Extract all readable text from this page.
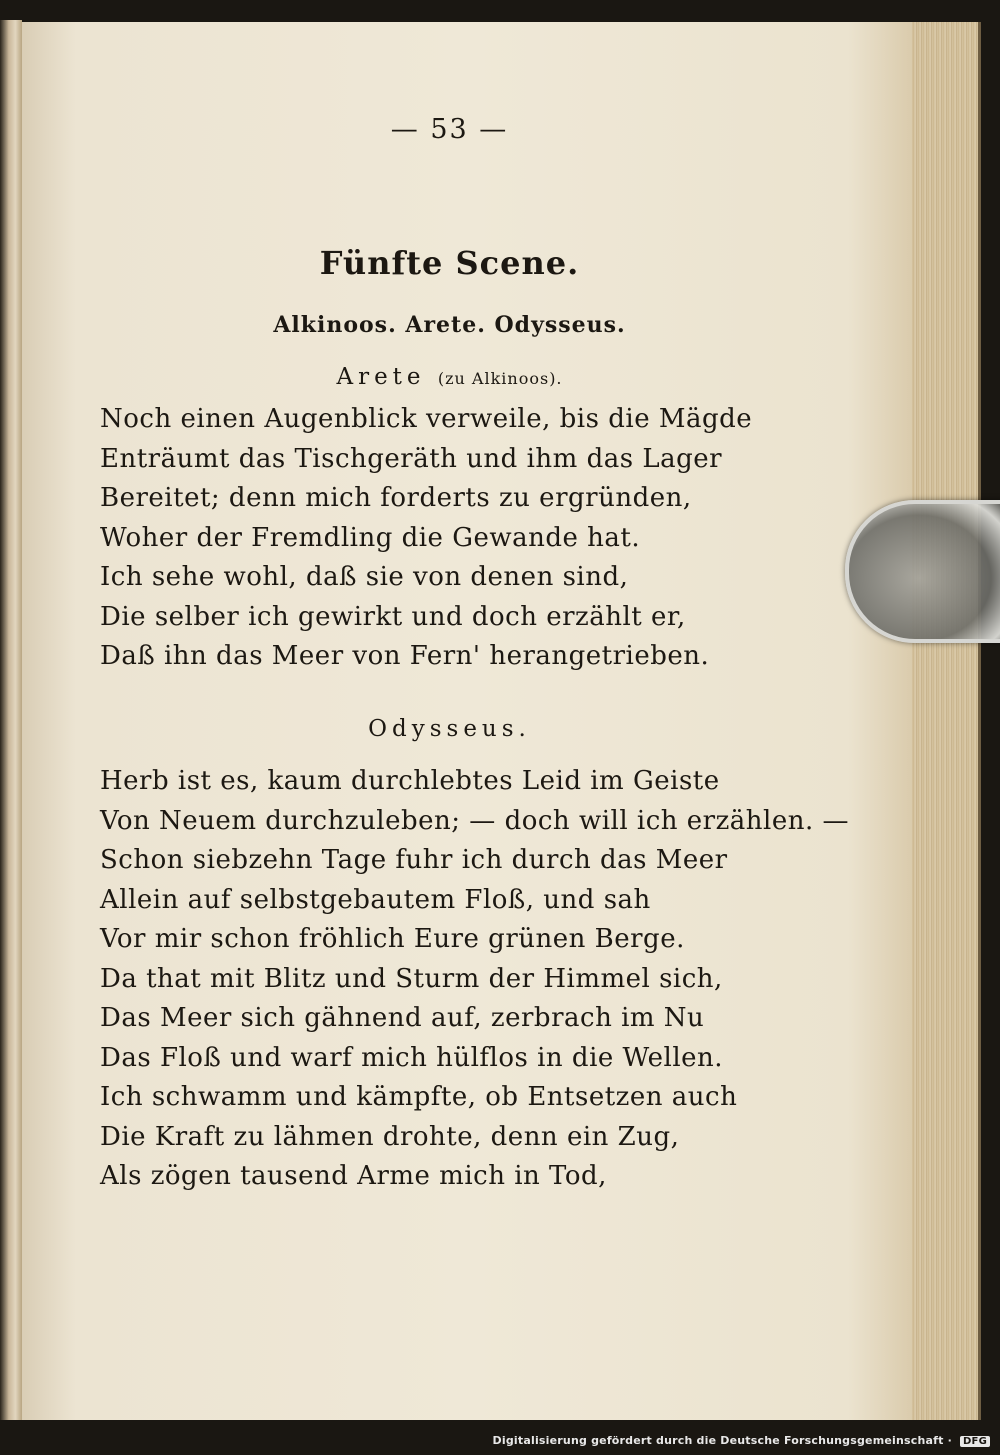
— 53 —
Fünfte Scene.
Alkinoos. Arete. Odysseus.
Arete (zu Alkinoos).
Noch einen Augenblick verweile, bis die Mägde
Enträumt das Tischgeräth und ihm das Lager
Bereitet; denn mich forderts zu ergründen,
Woher der Fremdling die Gewande hat.
Ich sehe wohl, daß sie von denen sind,
Die selber ich gewirkt und doch erzählt er,
Daß ihn das Meer von Fern' herangetrieben.
Odysseus.
Herb ist es, kaum durchlebtes Leid im Geiste
Von Neuem durchzuleben; — doch will ich erzählen. —
Schon siebzehn Tage fuhr ich durch das Meer
Allein auf selbstgebautem Floß, und sah
Vor mir schon fröhlich Eure grünen Berge.
Da that mit Blitz und Sturm der Himmel sich,
Das Meer sich gähnend auf, zerbrach im Nu
Das Floß und warf mich hülflos in die Wellen.
Ich schwamm und kämpfte, ob Entsetzen auch
Die Kraft zu lähmen drohte, denn ein Zug,
Als zögen tausend Arme mich in Tod,
Digitalisierung gefördert durch die Deutsche Forschungsgemeinschaft · DFG
